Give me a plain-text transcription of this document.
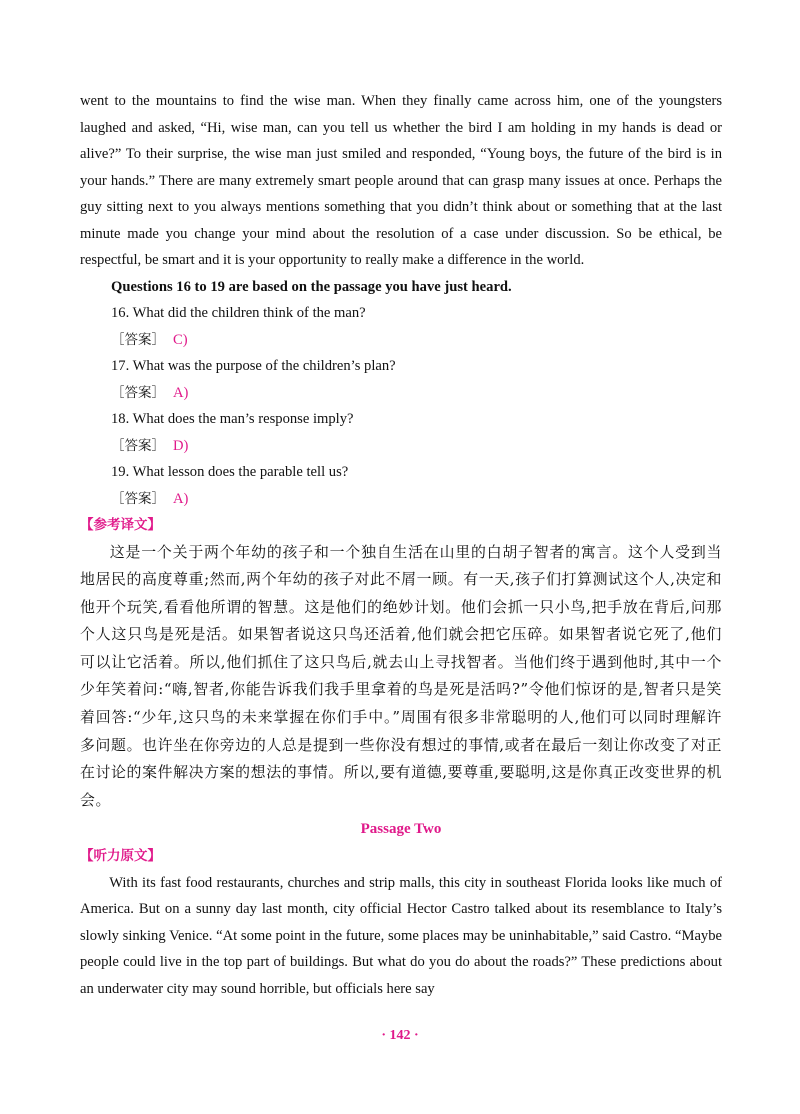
went to the mountains to find the wise man. When they finally came across him, one of the youngsters laughed and asked, “Hi, wise man, can you tell us whether the bird I am holding in my hands is dead or alive?” To their surprise, the wise man just smiled and responded, “Young boys, the future of the bird is in your hands.” There are many extremely smart people around that can grasp many issues at once. Perhaps the guy sitting next to you always mentions something that you didn’t think about or something that at the last minute made you change your mind about the resolution of a case under discussion. So be ethical, be respectful, be smart and it is your opportunity to really make a difference in the world.

Questions 16 to 19 are based on the passage you have just heard.

16. What did the children think of the man?

［答案］ C)

17. What was the purpose of the children’s plan?

［答案］ A)

18. What does the man’s response imply?

［答案］ D)

19. What lesson does the parable tell us?

［答案］ A)

【参考译文】

这是一个关于两个年幼的孩子和一个独自生活在山里的白胡子智者的寓言。这个人受到当地居民的高度尊重;然而,两个年幼的孩子对此不屑一顾。有一天,孩子们打算测试这个人,决定和他开个玩笑,看看他所谓的智慧。这是他们的绝妙计划。他们会抓一只小鸟,把手放在背后,问那个人这只鸟是死是活。如果智者说这只鸟还活着,他们就会把它压碎。如果智者说它死了,他们可以让它活着。所以,他们抓住了这只鸟后,就去山上寻找智者。当他们终于遇到他时,其中一个少年笑着问:“嗨,智者,你能告诉我们我手里拿着的鸟是死是活吗?”令他们惊讶的是,智者只是笑着回答:“少年,这只鸟的未来掌握在你们手中。”周围有很多非常聪明的人,他们可以同时理解许多问题。也许坐在你旁边的人总是提到一些你没有想过的事情,或者在最后一刻让你改变了对正在讨论的案件解决方案的想法的事情。所以,要有道德,要尊重,要聪明,这是你真正改变世界的机会。

Passage Two

【听力原文】

With its fast food restaurants, churches and strip malls, this city in southeast Florida looks like much of America. But on a sunny day last month, city official Hector Castro talked about its resemblance to Italy’s slowly sinking Venice. “At some point in the future, some places may be uninhabitable,” said Castro. “Maybe people could live in the top part of buildings. But what do you do about the roads?” These predictions about an underwater city may sound horrible, but officials here say

· 142 ·
